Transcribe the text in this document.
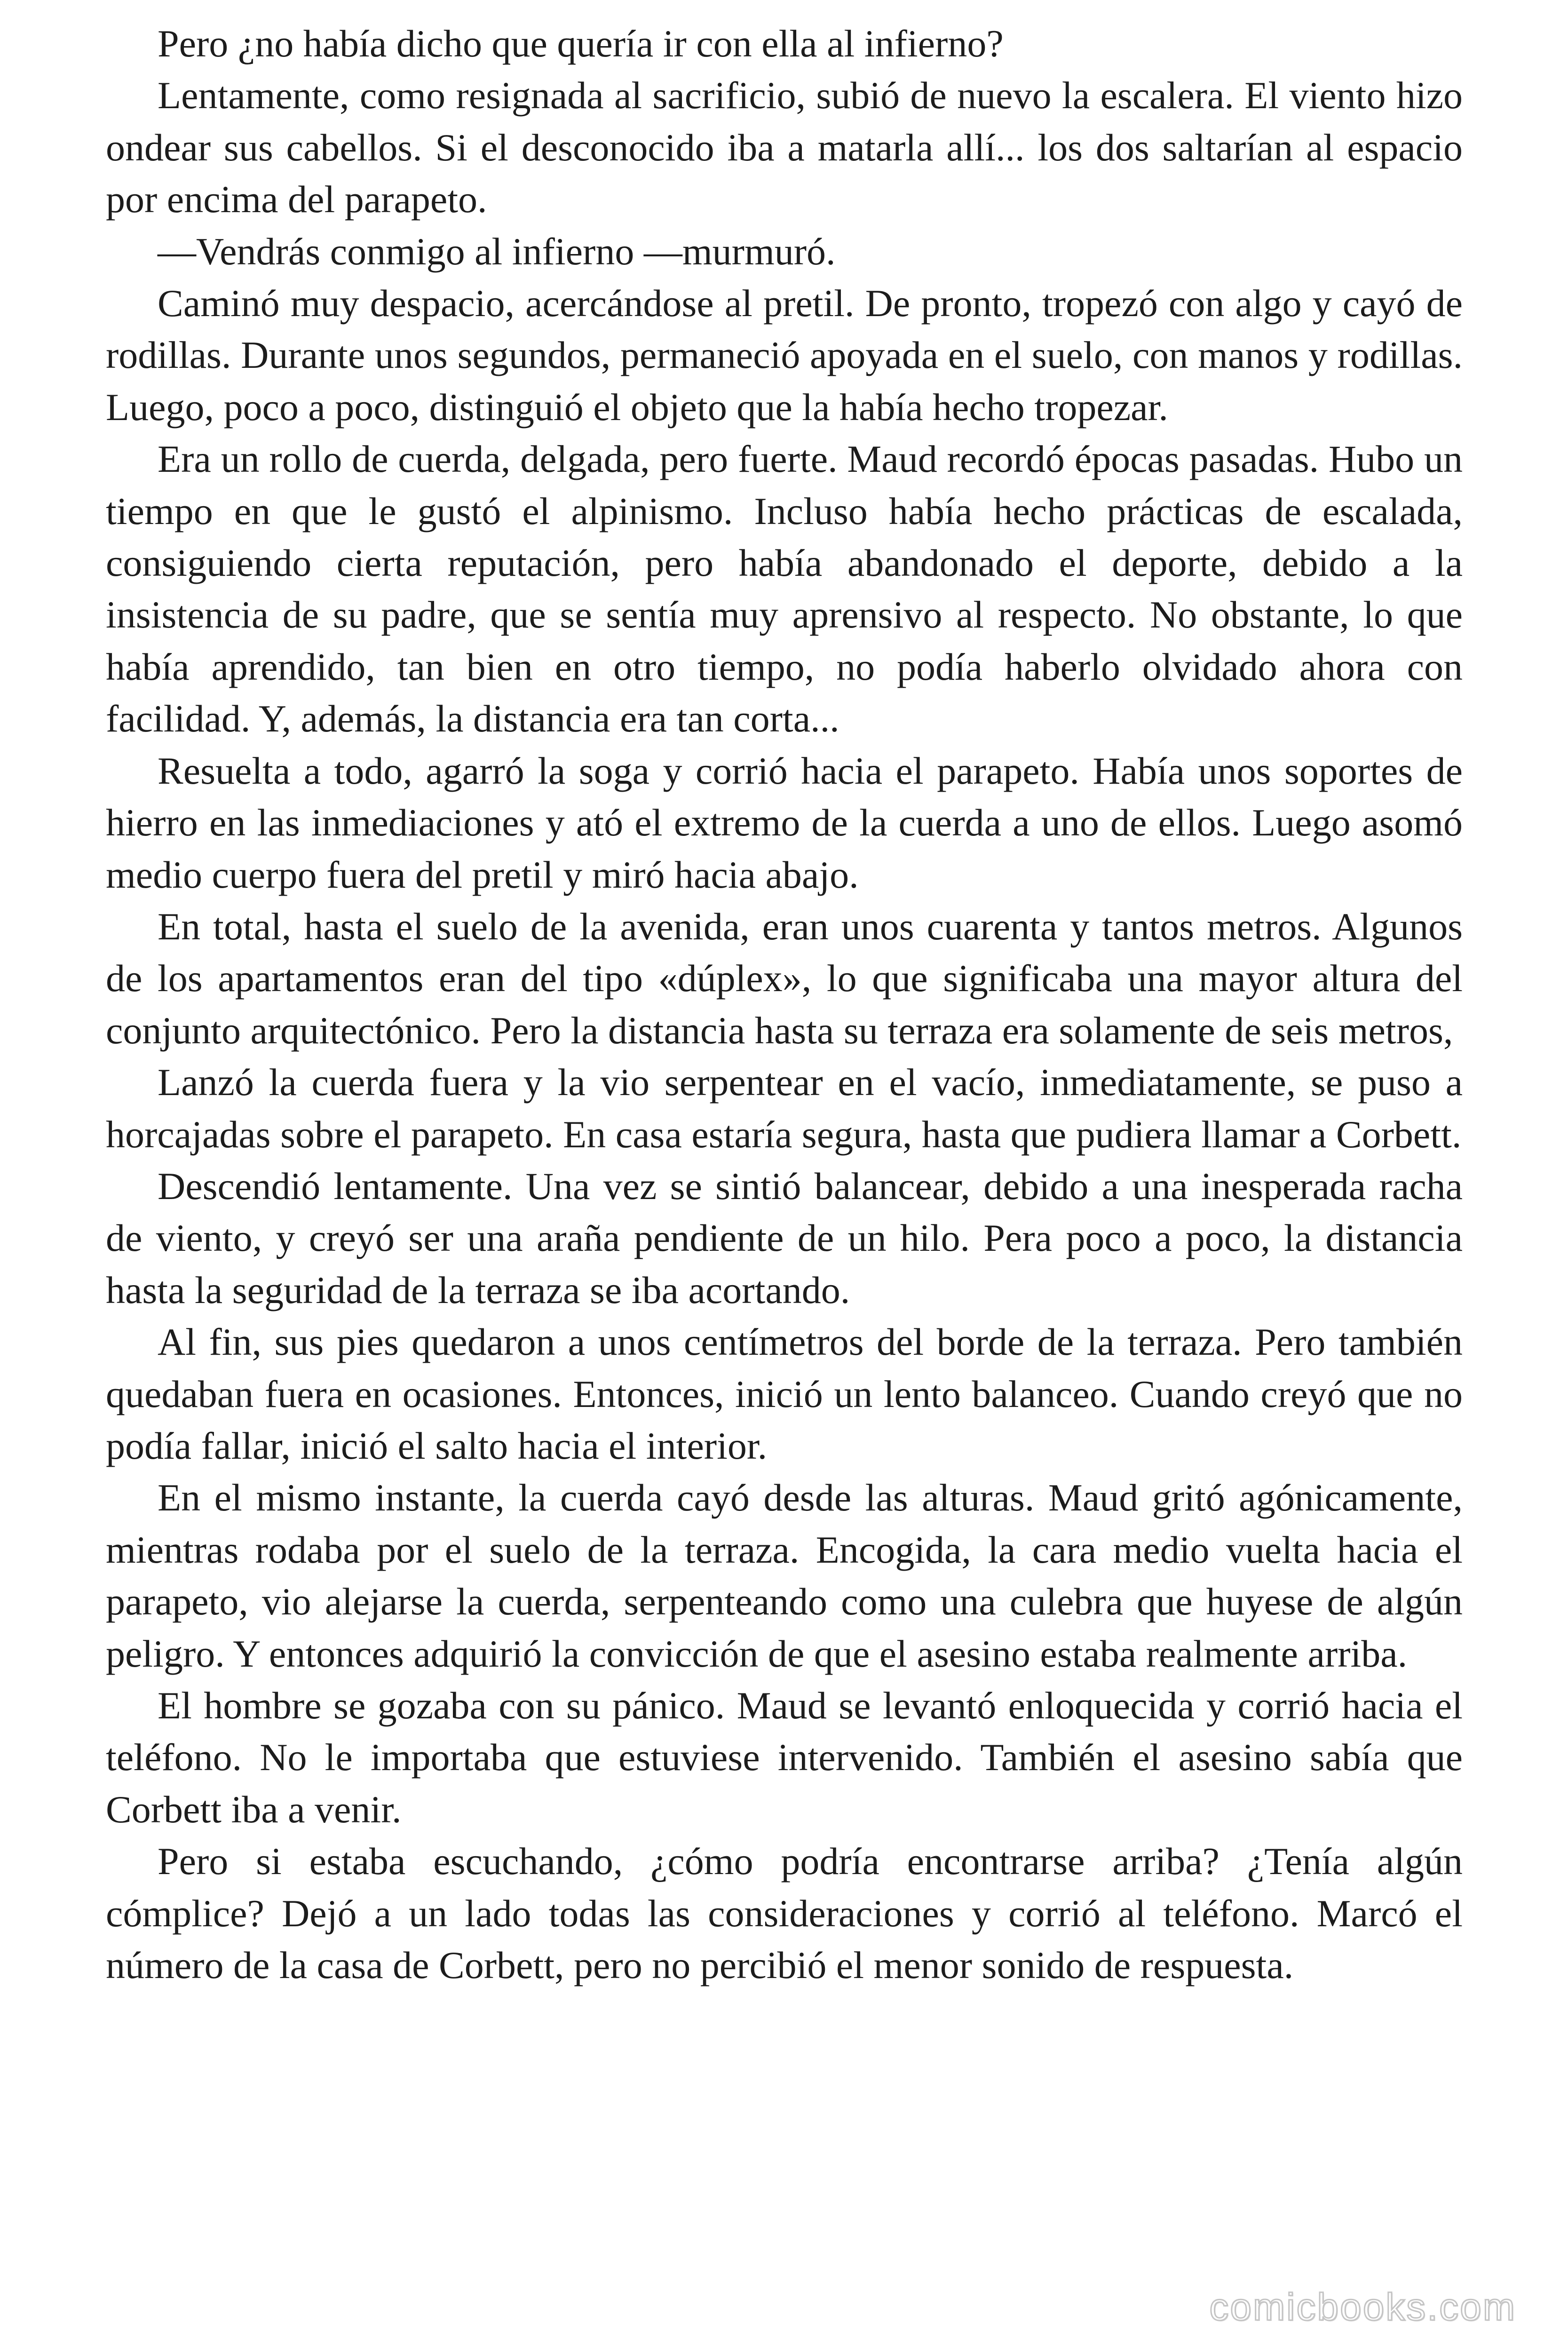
Pero ¿no había dicho que quería ir con ella al infierno?

Lentamente, como resignada al sacrificio, subió de nuevo la escalera. El viento hizo ondear sus cabellos. Si el desconocido iba a matarla allí... los dos saltarían al espacio por encima del parapeto.

—Vendrás conmigo al infierno —murmuró.

Caminó muy despacio, acercándose al pretil. De pronto, tropezó con algo y cayó de rodillas. Durante unos segundos, permaneció apoyada en el suelo, con manos y rodillas. Luego, poco a poco, distinguió el objeto que la había hecho tropezar.

Era un rollo de cuerda, delgada, pero fuerte. Maud recordó épocas pasadas. Hubo un tiempo en que le gustó el alpinismo. Incluso había hecho prácticas de escalada, consiguiendo cierta reputación, pero había abandonado el deporte, debido a la insistencia de su padre, que se sentía muy aprensivo al respecto. No obstante, lo que había aprendido, tan bien en otro tiempo, no podía haberlo olvidado ahora con facilidad. Y, además, la distancia era tan corta...

Resuelta a todo, agarró la soga y corrió hacia el parapeto. Había unos soportes de hierro en las inmediaciones y ató el extremo de la cuerda a uno de ellos. Luego asomó medio cuerpo fuera del pretil y miró hacia abajo.

En total, hasta el suelo de la avenida, eran unos cuarenta y tantos metros. Algunos de los apartamentos eran del tipo «dúplex», lo que significaba una mayor altura del conjunto arquitectónico. Pero la distancia hasta su terraza era solamente de seis metros,

Lanzó la cuerda fuera y la vio serpentear en el vacío, inmediatamente, se puso a horcajadas sobre el parapeto. En casa estaría segura, hasta que pudiera llamar a Corbett.

Descendió lentamente. Una vez se sintió balancear, debido a una inesperada racha de viento, y creyó ser una araña pendiente de un hilo. Pera poco a poco, la distancia hasta la seguridad de la terraza se iba acortando.

Al fin, sus pies quedaron a unos centímetros del borde de la terraza. Pero también quedaban fuera en ocasiones. Entonces, inició un lento balanceo. Cuando creyó que no podía fallar, inició el salto hacia el interior.

En el mismo instante, la cuerda cayó desde las alturas. Maud gritó agónicamente, mientras rodaba por el suelo de la terraza. Encogida, la cara medio vuelta hacia el parapeto, vio alejarse la cuerda, serpenteando como una culebra que huyese de algún peligro. Y entonces adquirió la convicción de que el asesino estaba realmente arriba.

El hombre se gozaba con su pánico. Maud se levantó enloquecida y corrió hacia el teléfono. No le importaba que estuviese intervenido. También el asesino sabía que Corbett iba a venir.

Pero si estaba escuchando, ¿cómo podría encontrarse arriba? ¿Tenía algún cómplice? Dejó a un lado todas las consideraciones y corrió al teléfono. Marcó el número de la casa de Corbett, pero no percibió el menor sonido de respuesta.

comicbooks.com
